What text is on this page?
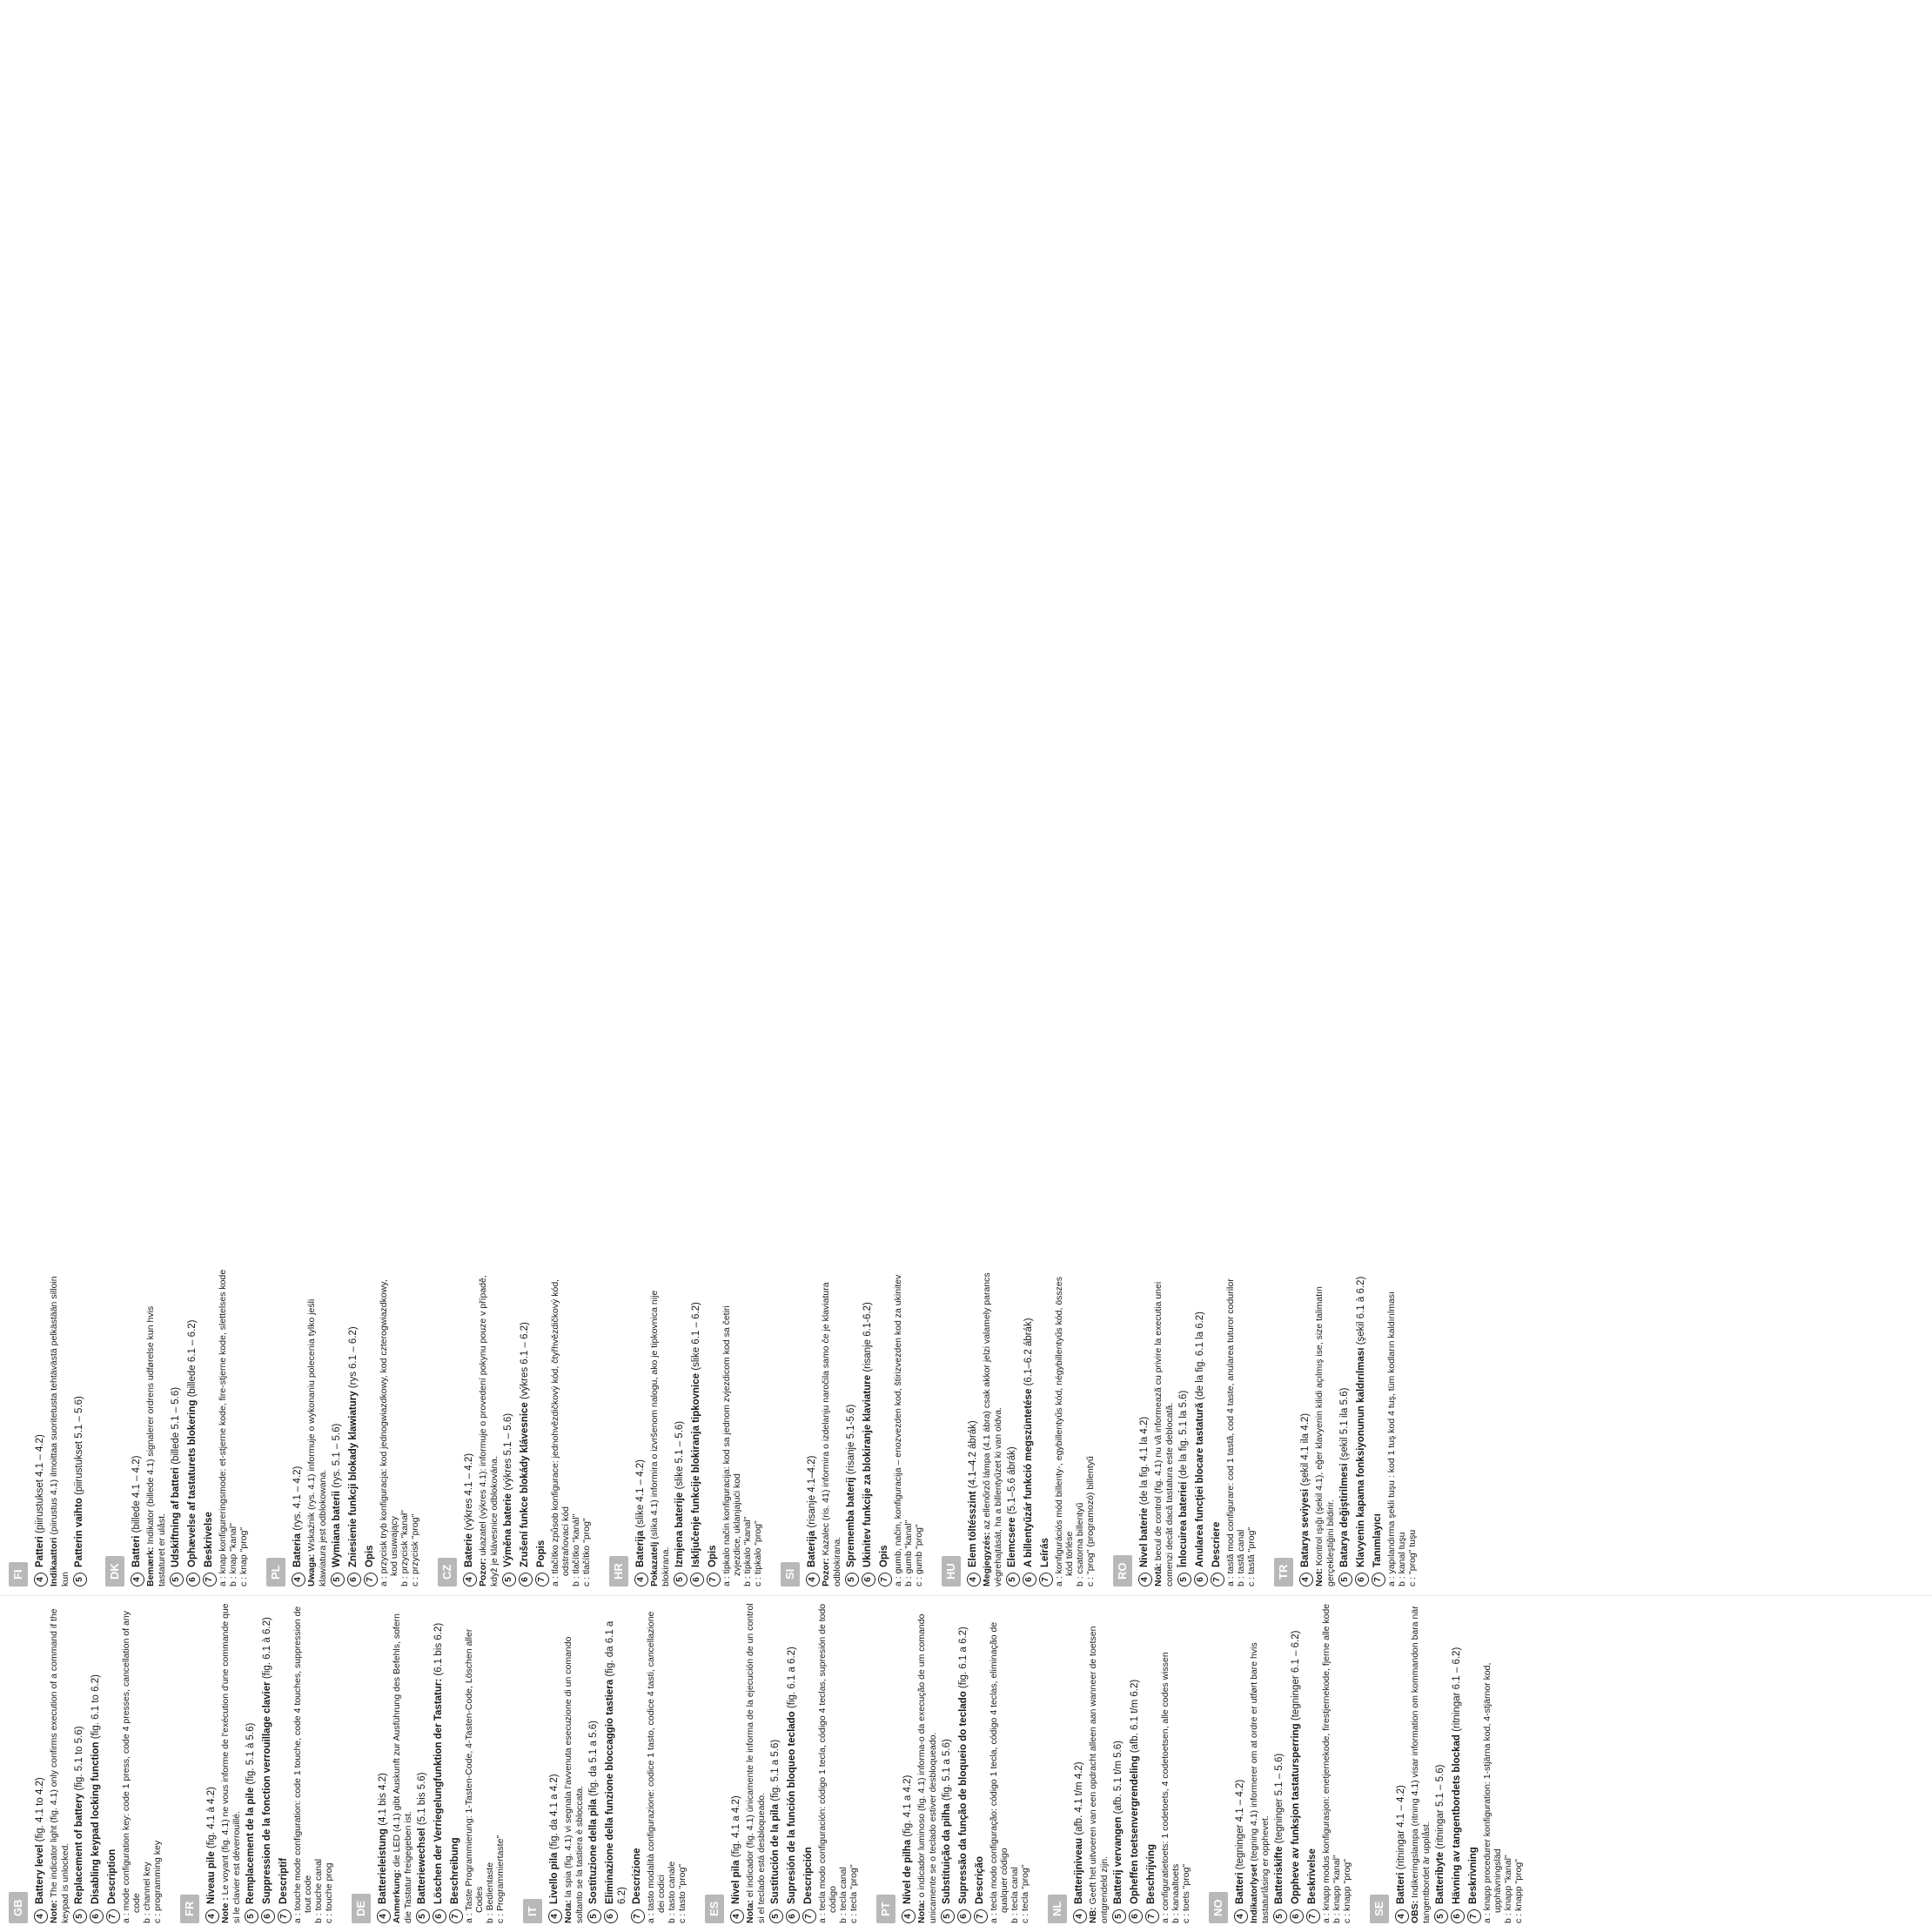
GB 4
Battery level (fig. 4.1 to 4.2)
Note: The indicator light (fig. 4.1) only confirms execution of a command if the keypad is unlocked. 5
Replacement of battery (fig. 5.1 to 5.6)
6
Disabling keypad locking function (fig. 6.1 to 6.2)
7
Description a : mode configuration key: code 1 press, code 4 presses, cancellation of any code b : channel key c : programming key	FR 4
Niveau pile (fig. 4.1 à 4.2)
Note : Le voyant (fig. 4.1) ne vous informe de l'exécution d'une commande que si le clavier est déverrouillé. 5
Remplacement de la pile (fig. 5.1 à 5.6)
6
Suppression de la fonction verrouillage clavier (fig. 6.1 à 6.2)
7
Descriptif a : touche mode configuration: code 1 touche, code 4 touches, suppression de tout code b : touche canal c : touche prog	DE 4
Batterieleistung (4.1 bis 4.2)
Anmerkung: die LED (4.1) gibt Auskunft zur Ausführung des Befehls, sofern die Tastatur freigegeben ist. 5
Batteriewechsel (5.1 bis 5.6)
6
Löschen der Verriegelungfunktion der Tastatur: (6.1 bis 6.2)
7
Beschreibung a : Taste Programmierung: 1-Tasten-Code, 4-Tasten-Code, Löschen aller Codes b : Bedientaste c : Programmiertaste"	IT 4
Livello pila (fig. da 4.1 a 4.2)
Nota: la spia (fig. 4.1) vi segnala l'avvenuta esecuzione di un comando soltanto se la tastiera è sbloccata. 5
Sostituzione della pila (fig. da 5.1 a 5.6)
6
Eliminazione della funzione bloccaggio tastiera (fig. da 6.1 a 6.2)
7
Descrizione a : tasto modalità configurazione: codice 1 tasto, codice 4 tasti, cancellazione dei codici b : tasto canale c : tasto "prog"	ES 4
Nivel pila (fig. 4.1 a 4.2)
Nota: el indicador (fig. 4.1) únicamente le informa de la ejecución de un control si el teclado está desbloqueado. 5
Sustitución de la pila (fig. 5.1 a 5.6)
6
Supresión de la función bloqueo teclado (fig. 6.1 a 6.2)
7
Descripción a : tecla modo configuración: código 1 tecla, código 4 teclas, supresión de todo código b : tecla canal c : tecla "prog"	PT 4
Nível de pilha (fig. 4.1 a 4.2)
Nota: o indicador luminoso (fig. 4.1) informa-o da execução de um comando unicamente se o teclado estiver desbloqueado. 5
Substituição da pilha (fig. 5.1 a 5.6)
6
Supressão da função de bloqueio do teclado (fig. 6.1 a 6.2)
7
Descrição a : tecla modo configuração: código 1 tecla, código 4 teclas, eliminação de qualquer código b : tecla canal c : tecla "prog"	NL 4
Batterijniveau (afb. 4.1 t/m 4.2)
NB: Geeft het uitvoeren van een opdracht alleen aan wanneer de toetsen ontgrendeld zijn. 5
Batterij vervangen (afb. 5.1 t/m 5.6)
6
Opheffen toetsenvergrendeling (afb. 6.1 t/m 6.2)
7
Beschrijving a : configuratietoets: 1 codetoets, 4 codetoetsen, alle codes wissen b : kanaaltoets c : toets "prog"	NO 4
Batteri (tegninger 4.1 – 4.2)
Indikatorlyset (tegning 4.1) informerer om at ordre er utført bare hvis tastaturlåsing er opphevet. 5
Batteriskifte (tegninger 5.1 – 5.6)
6
Oppheve av funksjon tastatursperring (tegninger 6.1 – 6.2)
7
Beskrivelse a : knapp modus konfigurasjon: enetjernekode, firestjernekode, fjerne alle kode b : knapp "kanal" c : knapp "prog"	SE 4
Batteri (ritningar 4.1 – 4.2)
OBS: Indikeringslampa (ritning 4.1) visar information om kommandon bara när tangentbordet är upplåst. 5
Batteribyte (ritningar 5.1 – 5.6)
6
Hävning av tangentbordets blockad (ritningar 6.1 – 6.2)
7
Beskrivning a : knapp procedurer konfiguration: 1-stjärna kod, 4-stjärnor kod, upphävningsläd b : knapp "kanal" c : knapp "prog"
FI 4
Patteri (piirustukset 4.1 – 4.2)
Indikaattori (piirustus 4.1) ilmoittaa suoritetusta tehtävästä pelkästään silloin kun 5
Patterin vaihto (piirustukset 5.1 – 5.6)
DK 4
Batteri (billede 4.1 – 4.2)
Bemærk: Indikator (billede 4.1) signalerer ordrens udførelse kun hvis tastaturet er ulåst. 5
Udskiftning af batteri (billede 5.1 – 5.6)
6
Ophævelse af tastaturets blokering (billede 6.1 – 6.2)
7
Beskrivelse a : knap konfigureringsmode: et-stjerne kode, fire-stjerne kode, slettelses kode b : knap "kanal" c : knap "prog"	PL 4
Bateria (rys. 4.1 – 4.2)
Uwaga: Wskaźnik (rys. 4.1) informuje o wykonaniu polecenia tylko jeśli klawiatura jest odblokowana. 5
Wymiana baterii (rys. 5.1 – 5.6)
6
Zniesienie funkcji blokady klawiatury (rys 6.1 – 6.2)
7
Opis a : przycisk tryb konfiguracja: kod jednogwiazdkowy, kod czterogwiazdkowy, kod usuwający b : przycisk "kanał" c : przycisk "prog"	CZ 4
Baterie (výkres 4.1 – 4.2)
Pozor: ukazatel (výkres 4.1): informuje o provedení pokynu pouze v případě, když je klávesnice odblokována. 5
Výměna baterie (výkres 5.1 – 5.6)
6
Zrušení funkce blokády klávesnice (výkres 6.1 – 6.2)
7
Popis a : tlačítko způsob konfigurace: jednohvězdičkový kód, čtyřhvězdičkový kód, odstraňovací kód b : tlačítko "kanál" c : tlačítko "prog"	HR 4
Baterija (slike 4.1 – 4.2)
Pokazatelj (slika 4.1) informira o izvršenom nalogu, ako je tipkovnica nije blokirana. 5
Izmjena baterije (slike 5.1 – 5.6)
6
Isključenje funkcije blokiranja tipkovnice (slike 6.1 – 6.2)
7
Opis a : tipkalo način konfiguracija: kod sa jednom zvjezdicom kod sa četiri zvjezdice, uklanjajući kod b : tipkalo "kanal" c : tipkalo "prog"	SI 4
Baterija (risanje 4.1–4.2)
Pozor: Kazalec (ris. 41) informira o izdelanju naročila samo če je klaviatura odblokirana. 5
Sprememba baterij (risanje 5.1-5.6)
6
Ukinitev funkcije za blokiranje klaviature (risanje 6.1-6.2)
7
Opis a : gumb, način, konfiguracija – enozvezden kod, štirizvezden kod za ukinitev b : gumb "kanal" c : gumb "prog"	HU 4
Elem töltésszint (4.1–4.2 ábrák)
Megjegyzés: az ellenőrző lámpa (4.1 ábra) csak akkor jelzi valamely parancs végrehajtását, ha a billentyűzet ki van oldva. 5
Elemcsere (5.1–5.6 ábrák)
6
A billentyűzár funkció megszüntetése (6.1–6.2 ábrák)
7
Leírás a : konfigurációs mód billenty-, egybillentyűs kód, négybillentyűs kód, összes kód törlése b : csatorna billentyű c : "prog" (programozó) billentyű	RO 4
Nivel baterie (de la fig. 4.1 la 4.2)
Notă: becul de control (fig. 4.1) nu vă informează cu privire la executia unei comenzi decât dacă tastatura este deblocată. 5
Înlocuirea bateriei (de la fig. 5.1 la 5.6)
6
Anularea funcţiei blocare tastatură (de la fig. 6.1 la 6.2)
7
Descriere a : tastă mod configurare: cod 1 tastă, cod 4 taste, anularea tuturor codurilor b : tastă canal c : tastă "prog"	TR 4
Batarya seviyesi (şekil 4.1 ila 4.2)
Not: Kontrol ışığı (şekil 4.1), eğer klavyenin kilidi açılmış ise, size talimatın gerçekleştiğini bildirir. 5
Batarya değiştirilmesi (şekil 5.1 ila 5.6)
6
Klavyenin kapama fonksiyonunun kaldırılması (şekil 6.1 à 6.2)
7
Tanımlayıcı a : yapılandırma şekli tuşu : kod 1 tuş kod 4 tuş, tüm kodların kaldırılması b : kanal tuşu c : "prog" tuşu
